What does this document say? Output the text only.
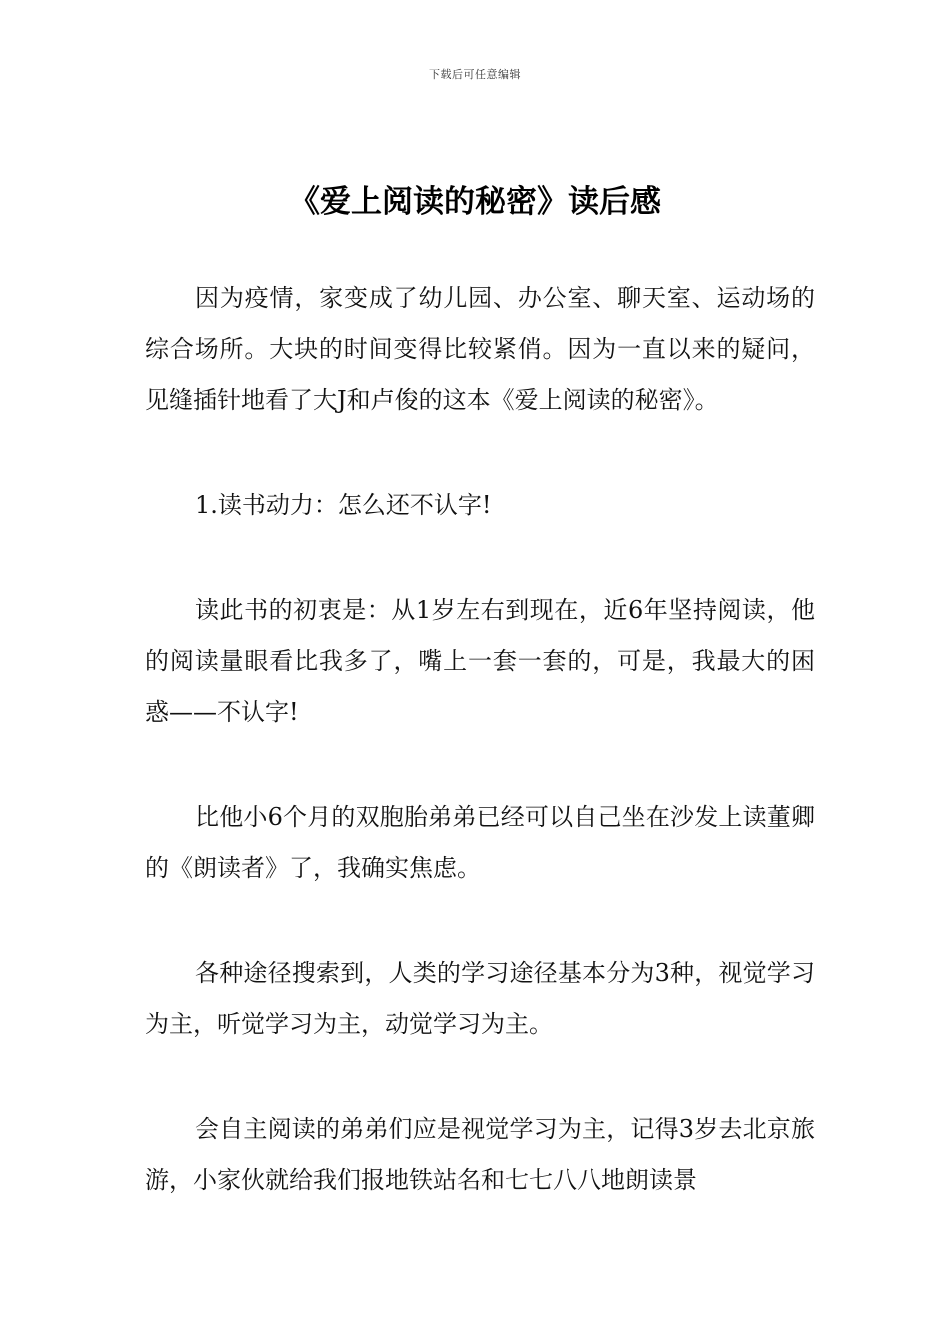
下载后可任意编辑
《爱上阅读的秘密》读后感

因为疫情，家变成了幼儿园、办公室、聊天室、运动场的综合场所。大块的时间变得比较紧俏。因为一直以来的疑问，见缝插针地看了大J和卢俊的这本《爱上阅读的秘密》。

1.读书动力：怎么还不认字!

读此书的初衷是：从1岁左右到现在，近6年坚持阅读，他的阅读量眼看比我多了，嘴上一套一套的，可是，我最大的困惑——不认字!

比他小6个月的双胞胎弟弟已经可以自己坐在沙发上读董卿的《朗读者》了，我确实焦虑。

各种途径搜索到，人类的学习途径基本分为3种，视觉学习为主，听觉学习为主，动觉学习为主。

会自主阅读的弟弟们应是视觉学习为主，记得3岁去北京旅游，小家伙就给我们报地铁站名和七七八八地朗读景
